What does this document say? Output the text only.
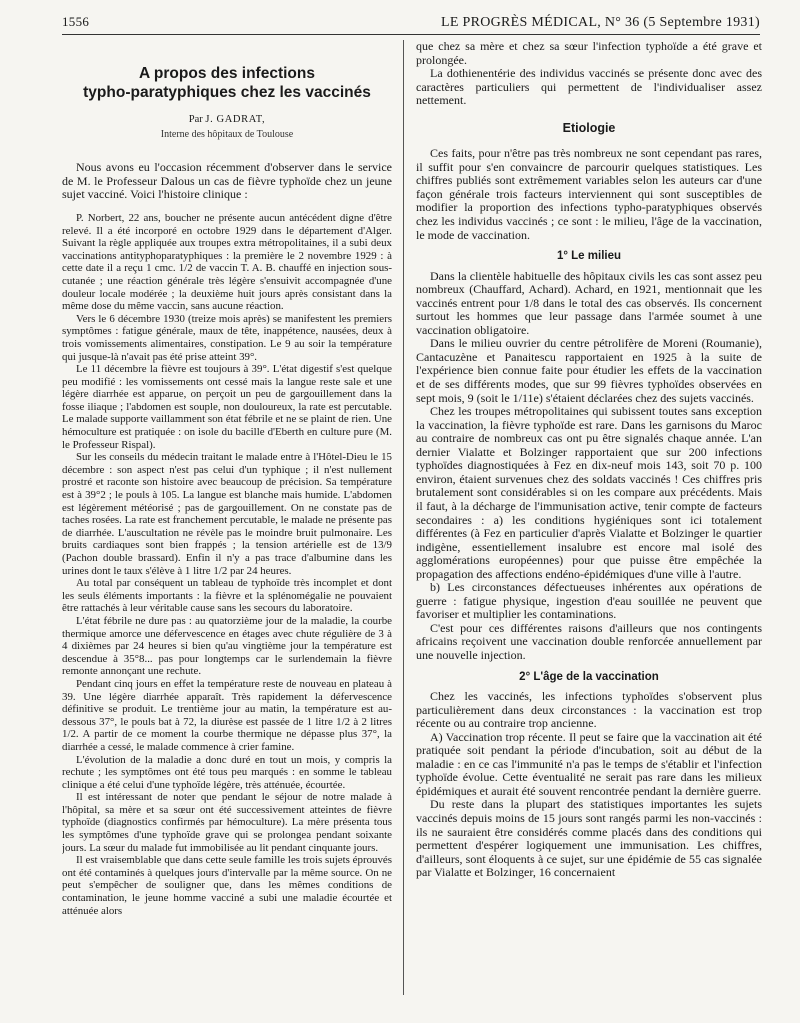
1556	LE PROGRÈS MÉDICAL, N° 36 (5 Septembre 1931)
A propos des infections
typho-paratyphiques chez les vaccinés
Par J. GADRAT,
Interne des hôpitaux de Toulouse

Nous avons eu l'occasion récemment d'observer dans le service de M. le Professeur Dalous un cas de fièvre typhoïde chez un jeune sujet vacciné. Voici l'histoire clinique :

P. Norbert, 22 ans, boucher ne présente aucun antécédent digne d'être relevé. Il a été incorporé en octobre 1929 dans le département d'Alger. Suivant la règle appliquée aux troupes extra métropolitaines, il a subi deux vaccinations antityphoparatyphiques : la première le 2 novembre 1929 : à cette date il a reçu 1 cmc. 1/2 de vaccin T. A. B. chauffé en injection sous-cutanée ; une réaction générale très légère s'ensuivit accompagnée d'une douleur locale modérée ; la deuxième huit jours après consistant dans la même dose du même vaccin, sans aucune réaction.

Vers le 6 décembre 1930 (treize mois après) se manifestent les premiers symptômes : fatigue générale, maux de tête, inappétence, nausées, deux à trois vomissements alimentaires, constipation. Le 9 au soir la température qui jusque-là n'avait pas été prise atteint 39°.

Le 11 décembre la fièvre est toujours à 39°. L'état digestif s'est quelque peu modifié : les vomissements ont cessé mais la langue reste sale et une légère diarrhée est apparue, on perçoit un peu de gargouillement dans la fosse iliaque ; l'abdomen est souple, non douloureux, la rate est percutable. Le malade supporte vaillamment son état fébrile et ne se plaint de rien. Une hémoculture est pratiquée : on isole du bacille d'Eberth en culture pure (M. le Professeur Rispal).

Sur les conseils du médecin traitant le malade entre à l'Hôtel-Dieu le 15 décembre : son aspect n'est pas celui d'un typhique ; il n'est nullement prostré et raconte son histoire avec beaucoup de précision. Sa température est à 39°2 ; le pouls à 105. La langue est blanche mais humide. L'abdomen est légèrement météorisé ; pas de gargouillement. On ne constate pas de taches rosées. La rate est franchement percutable, le malade ne présente pas de diarrhée. L'auscultation ne révèle pas le moindre bruit pulmonaire. Les bruits cardiaques sont bien frappés ; la tension artérielle est de 13/9 (Pachon double brassard). Enfin il n'y a pas trace d'albumine dans les urines dont le taux s'élève à 1 litre 1/2 par 24 heures.

Au total par conséquent un tableau de typhoïde très incomplet et dont les seuls éléments importants : la fièvre et la splénomégalie ne pouvaient être rattachés à leur véritable cause sans les secours du laboratoire.

L'état fébrile ne dure pas : au quatorzième jour de la maladie, la courbe thermique amorce une défervescence en étages avec chute régulière de 3 à 4 dixièmes par 24 heures si bien qu'au vingtième jour la température est descendue à 35°8... pas pour longtemps car le surlendemain la fièvre remonte annonçant une rechute.

Pendant cinq jours en effet la température reste de nouveau en plateau à 39. Une légère diarrhée apparaît. Très rapidement la défervescence définitive se produit. Le trentième jour au matin, la température est au-dessous 37°, le pouls bat à 72, la diurèse est passée de 1 litre 1/2 à 2 litres 1/2. A partir de ce moment la courbe thermique ne dépasse plus 37°, la diarrhée a cessé, le malade commence à crier famine.

L'évolution de la maladie a donc duré en tout un mois, y compris la rechute ; les symptômes ont été tous peu marqués : en somme le tableau clinique a été celui d'une typhoïde légère, très atténuée, écourtée.

Il est intéressant de noter que pendant le séjour de notre malade à l'hôpital, sa mère et sa sœur ont été successivement atteintes de fièvre typhoïde (diagnostics confirmés par hémoculture). La mère présenta tous les symptômes d'une typhoïde grave qui se prolongea pendant soixante jours. La sœur du malade fut immobilisée au lit pendant cinquante jours.

Il est vraisemblable que dans cette seule famille les trois sujets éprouvés ont été contaminés à quelques jours d'intervalle par la même source. On ne peut s'empêcher de souligner que, dans les mêmes conditions de contamination, le jeune homme vacciné a subi une maladie écourtée et atténuée alors

que chez sa mère et chez sa sœur l'infection typhoïde a été grave et prolongée.

La dothienentérie des individus vaccinés se présente donc avec des caractères particuliers qui permettent de l'individualiser assez nettement.

Etiologie

Ces faits, pour n'être pas très nombreux ne sont cependant pas rares, il suffit pour s'en convaincre de parcourir quelques statistiques. Les chiffres publiés sont extrêmement variables selon les auteurs car d'une façon générale trois facteurs interviennent qui sont susceptibles de modifier la proportion des infections typho-paratyphiques observés chez les individus vaccinés ; ce sont : le milieu, l'âge de la vaccination, le mode de vaccination.

1° Le milieu

Dans la clientèle habituelle des hôpitaux civils les cas sont assez peu nombreux (Chauffard, Achard). Achard, en 1921, mentionnait que les vaccinés entrent pour 1/8 dans le total des cas observés. Ils concernent surtout les hommes que leur passage dans l'armée soumet à une vaccination obligatoire.

Dans le milieu ouvrier du centre pétrolifère de Moreni (Roumanie), Cantacuzène et Panaitescu rapportaient en 1925 à la suite de l'expérience bien connue faite pour étudier les effets de la vaccination et de ses différents modes, que sur 99 fièvres typhoïdes observées en sept mois, 9 (soit le 1/11e) s'étaient déclarées chez des sujets vaccinés.

Chez les troupes métropolitaines qui subissent toutes sans exception la vaccination, la fièvre typhoïde est rare. Dans les garnisons du Maroc au contraire de nombreux cas ont pu être signalés chaque année. L'an dernier Vialatte et Bolzinger rapportaient que sur 200 infections typhoïdes diagnostiquées à Fez en dix-neuf mois 143, soit 70 p. 100 environ, étaient survenues chez des soldats vaccinés ! Ces chiffres pris brutalement sont considérables si on les compare aux précédents. Mais il faut, à la décharge de l'immunisation active, tenir compte de facteurs secondaires : a) les conditions hygiéniques sont ici totalement différentes (à Fez en particulier d'après Vialatte et Bolzinger le quartier indigène, essentiellement insalubre est encore mal isolé des agglomérations européennes) pour que puisse être empêchée la propagation des affections endéno-épidémiques d'une ville à l'autre.

b) Les circonstances défectueuses inhérentes aux opérations de guerre : fatigue physique, ingestion d'eau souillée ne peuvent que favoriser et multiplier les contaminations.

C'est pour ces différentes raisons d'ailleurs que nos contingents africains reçoivent une vaccination double renforcée annuellement par une nouvelle injection.

2° L'âge de la vaccination

Chez les vaccinés, les infections typhoïdes s'observent plus particulièrement dans deux circonstances : la vaccination est trop récente ou au contraire trop ancienne.

A) Vaccination trop récente. Il peut se faire que la vaccination ait été pratiquée soit pendant la période d'incubation, soit au début de la maladie : en ce cas l'immunité n'a pas le temps de s'établir et l'infection typhoïde évolue. Cette éventualité ne serait pas rare dans les milieux épidémiques et aurait été souvent rencontrée pendant la dernière guerre.

Du reste dans la plupart des statistiques importantes les sujets vaccinés depuis moins de 15 jours sont rangés parmi les non-vaccinés : ils ne sauraient être considérés comme placés dans des conditions qui permettent d'espérer logiquement une immunisation. Les chiffres, d'ailleurs, sont éloquents à ce sujet, sur une épidémie de 55 cas signalée par Vialatte et Bolzinger, 16 concernaient
